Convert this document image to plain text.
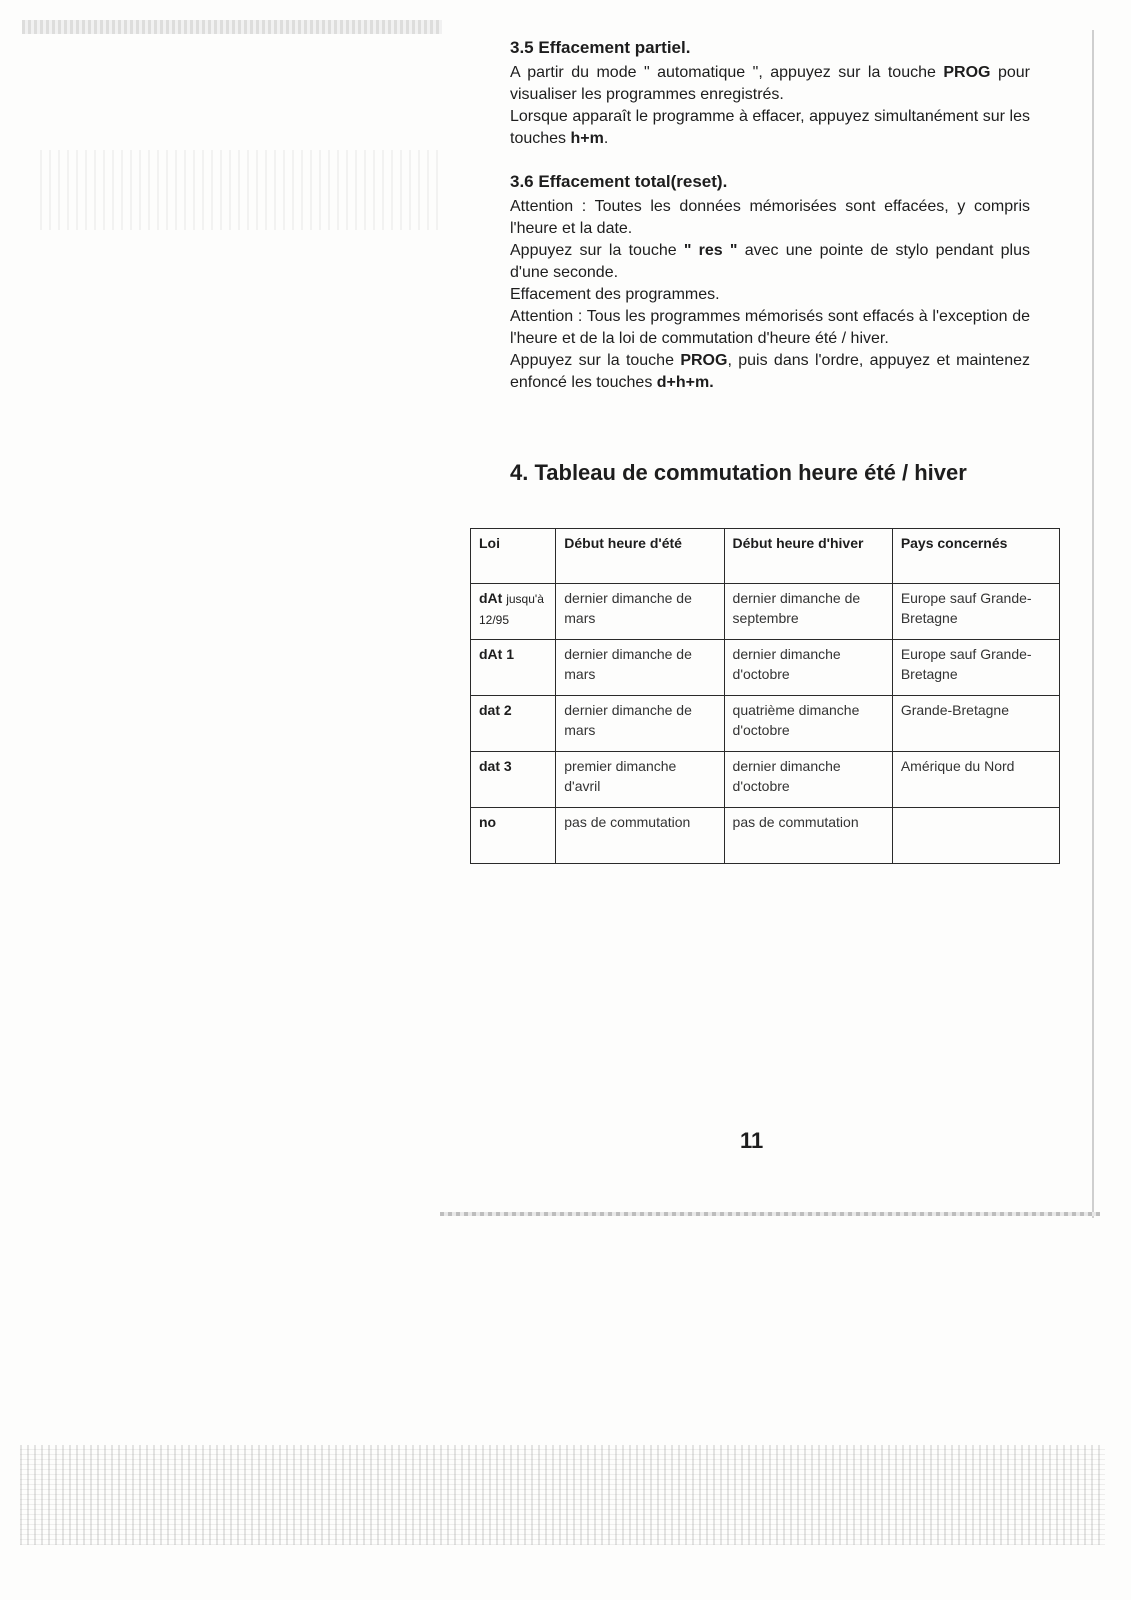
3.5 Effacement partiel.

A partir du mode " automatique ", appuyez sur la touche PROG pour visualiser les programmes enregistrés.

Lorsque apparaît le programme à effacer, appuyez simultanément sur les touches h+m.

3.6 Effacement total(reset).

Attention : Toutes les données mémorisées sont effacées, y compris l'heure et la date.

Appuyez sur la touche " res " avec une pointe de stylo pendant plus d'une seconde.

Effacement des programmes.

Attention : Tous les programmes mémorisés sont effacés à l'exception de l'heure et de la loi de commutation d'heure été / hiver.

Appuyez sur la touche PROG, puis dans l'ordre, appuyez et maintenez enfoncé les touches d+h+m.

4. Tableau de commutation heure été / hiver
Loi	Début heure d'été	Début heure d'hiver	Pays concernés
dAt jusqu'à 12/95	dernier dimanche de mars	dernier dimanche de septembre	Europe sauf Grande-Bretagne
dAt 1	dernier dimanche de mars	dernier dimanche d'octobre	Europe sauf Grande-Bretagne
dat 2	dernier dimanche de mars	quatrième dimanche d'octobre	Grande-Bretagne
dat 3	premier dimanche d'avril	dernier dimanche d'octobre	Amérique du Nord
no	pas de commutation	pas de commutation	
11
